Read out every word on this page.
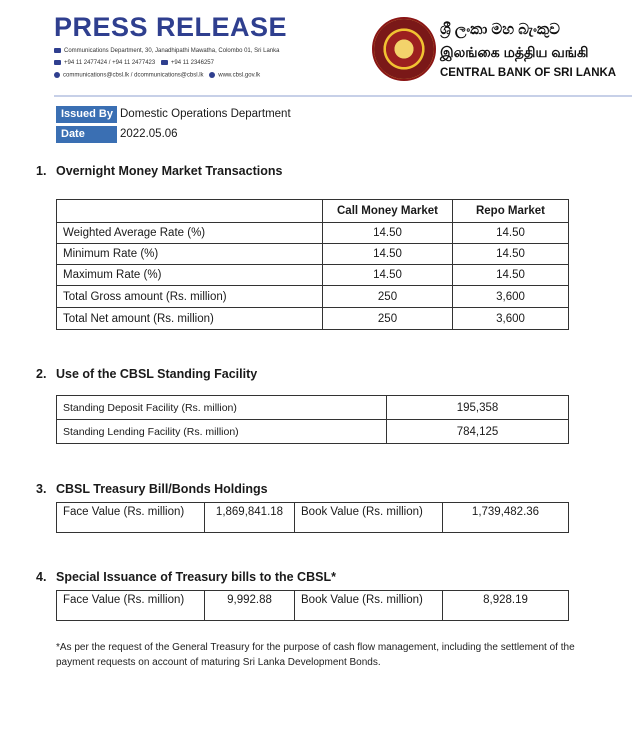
PRESS RELEASE
Communications Department, 30, Janadhipathi Mawatha, Colombo 01, Sri Lanka
+94 11 2477424 / +94 11 2477423	+94 11 2346257
communications@cbsl.lk / dcommunications@cbsl.lk www.cbsl.gov.lk
ශ්‍රී ලංකා මහ බැංකුව
இலங்கை மத்திய வங்கி
CENTRAL BANK OF SRI LANKA
Issued By Domestic Operations Department
Date	2022.05.06
1. Overnight Money Market Transactions
	Call Money Market	Repo Market
Weighted Average Rate (%)	14.50	14.50
Minimum Rate (%)	14.50	14.50
Maximum Rate (%)	14.50	14.50
Total Gross amount (Rs. million)	250	3,600
Total Net amount (Rs. million)	250	3,600
2. Use of the CBSL Standing Facility
Standing Deposit Facility (Rs. million)	195,358
Standing Lending Facility (Rs. million)	784,125
3. CBSL Treasury Bill/Bonds Holdings
Face Value (Rs. million)	1,869,841.18	Book Value (Rs. million)	1,739,482.36
4. Special Issuance of Treasury bills to the CBSL*
Face Value (Rs. million)	9,992.88	Book Value (Rs. million)	8,928.19
*As per the request of the General Treasury for the purpose of cash flow management, including the settlement of the payment requests on account of maturing Sri Lanka Development Bonds.
